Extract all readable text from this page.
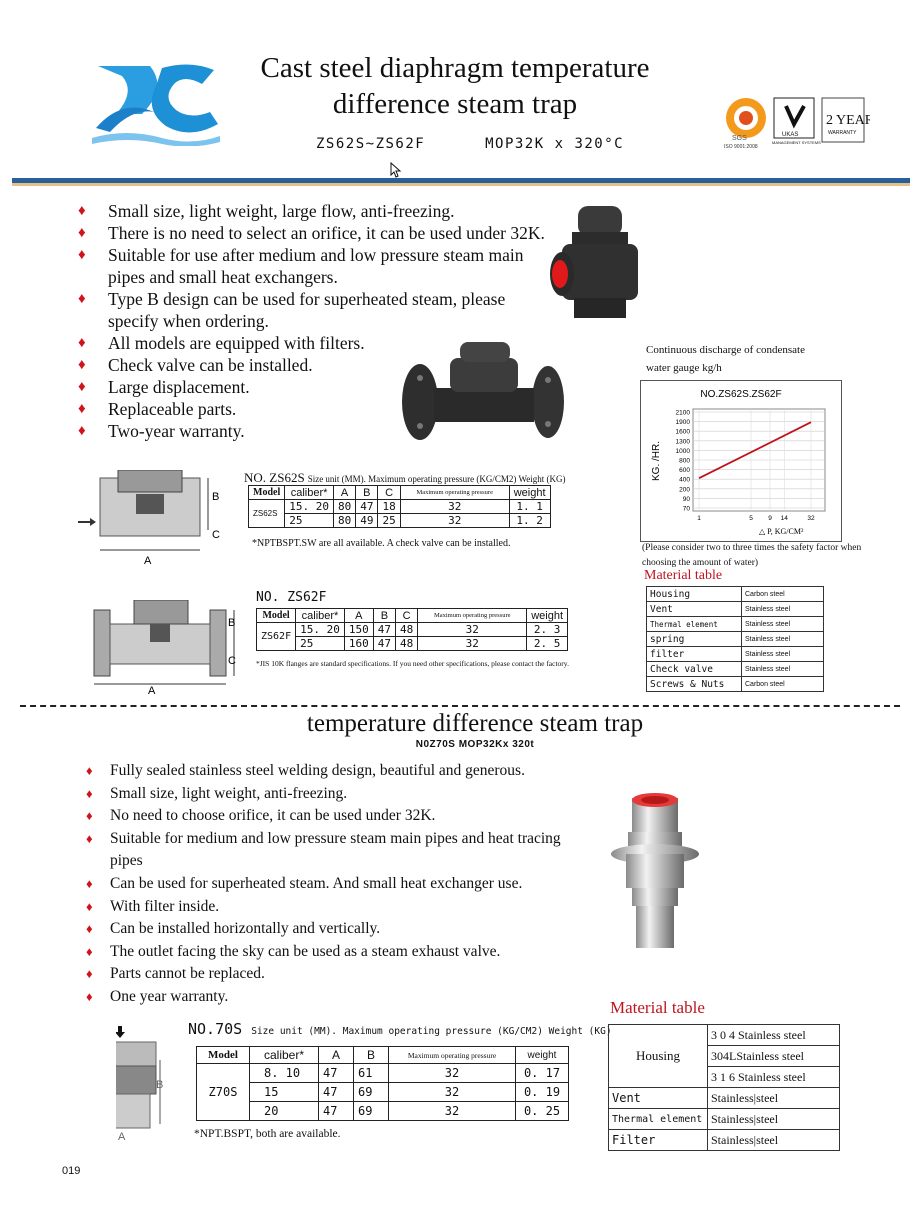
Cast steel diaphragm temperature
difference steam trap
ZS62S~ZS62F	MOP32K x 320°C	SGS
ISO 9001:2008
UKAS
MANAGEMENT SYSTEMS
2 YEAR
WARRANTY
♦ Small size, light weight, large flow, anti-freezing.
♦ There is no need to select an orifice, it can be used under 32K.
♦ Suitable for use after medium and low pressure steam main pipes and small heat exchangers.
♦ Type B design can be used for superheated steam, please specify when ordering.
♦ All models are equipped with filters.
♦ Check valve can be installed.
♦ Large displacement.
♦ Replaceable parts.
♦ Two-year warranty.
A
B
C
NO. ZS62S Size unit (MM). Maximum operating pressure (KG/CM2) Weight (KG)
Model	caliber*	A	B	C	Maximum operating pressure	weight
ZS62S	15. 20	80	47	18	32	1. 1
	25	80	49	25	32	1. 2
*NPTBSPT.SW are all available. A check valve can be installed.
A
B
C
NO. ZS62F
Model	caliber*	A	B	C	Maximum operating pressure	weight
ZS62F	15. 20	150	47	48	32	2. 3
	25	160	47	48	32	2. 5
*JIS 10K flanges are standard specifications. If you need other specifications, please contact the factory.
Continuous discharge of condensate
water gauge kg/h
NO.ZS62S.ZS62F
2100
1900
1600
1300
1000
800
600
400
200
90
70
1	5 9 14	32
KG. /HR.
△ P, KG/CM²
(Please consider two to three times the safety factor when choosing the amount of water)
Material table
Housing	Carbon steel
Vent	Stainless steel
Thermal element	Stainless steel
spring	Stainless steel
filter	Stainless steel
Check valve	Stainless steel
Screws & Nuts	Carbon steel
temperature difference steam trap
N0Z70S MOP32Kx 320t
♦ Fully sealed stainless steel welding design, beautiful and generous.
♦ Small size, light weight, anti-freezing.
♦ No need to choose orifice, it can be used under 32K.
♦ Suitable for medium and low pressure steam main pipes and heat tracing pipes
♦ Can be used for superheated steam. And small heat exchanger use.
♦ With filter inside.
♦ Can be installed horizontally and vertically.
♦ The outlet facing the sky can be used as a steam exhaust valve.
♦ Parts cannot be replaced.
♦ One year warranty.
B
A
NO.70S Size unit (MM). Maximum operating pressure (KG/CM2) Weight (KG)
Model	caliber*	A	B	Maximum operating pressure	weight
Z70S	8. 10	47	61	32	0. 17
	15	47	69	32	0. 19
	20	47	69	32	0. 25
*NPT.BSPT, both are available.
Material table
Housing	3 0 4 Stainless steel
	304LStainless steel
	3 1 6 Stainless steel
Vent	Stainless|steel
Thermal element	Stainless|steel
Filter	Stainless|steel
019
